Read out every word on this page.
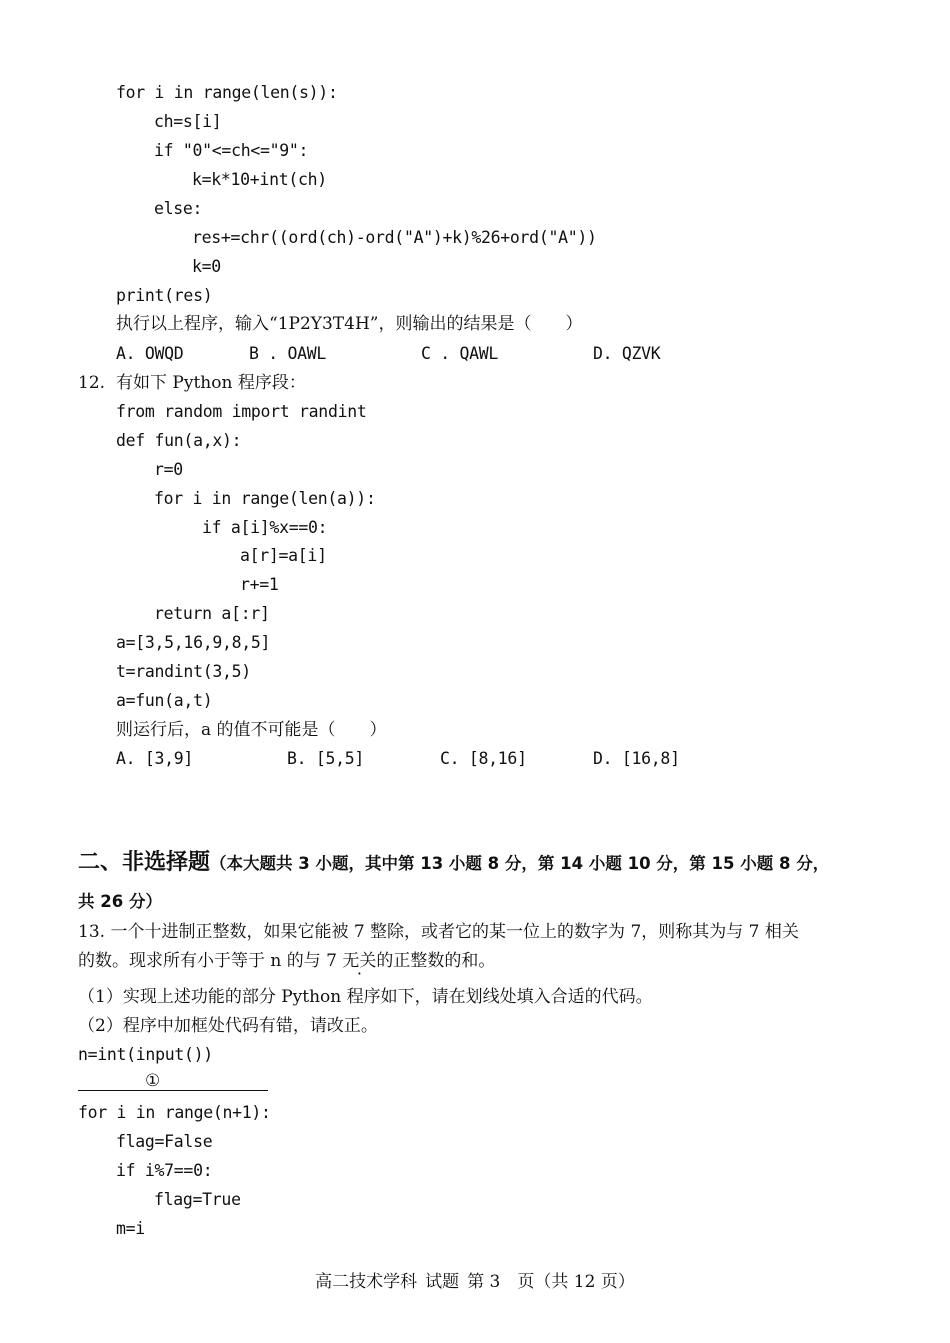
for i in range(len(s)):
ch=s[i]
if "0"<=ch<="9":
k=k*10+int(ch)
else:
res+=chr((ord(ch)-ord("A")+k)%26+ord("A"))
k=0
print(res)
执行以上程序，输入“1P2Y3T4H”，则输出的结果是（　　）
A. OWQD	B . OAWL	C . QAWL	D. QZVK
12. 有如下 Python 程序段：
from random import randint
def fun(a,x):
r=0
for i in range(len(a)):
if a[i]%x==0:
a[r]=a[i]
r+=1
return a[:r]
a=[3,5,16,9,8,5]
t=randint(3,5)
a=fun(a,t)
则运行后，a 的值不可能是（　　）
A. [3,9]	B. [5,5]	C. [8,16]	D. [16,8]
二、非选择题（本大题共 3 小题，其中第 13 小题 8 分，第 14 小题 10 分，第 15 小题 8 分，
共 26 分）
13. 一个十进制正整数，如果它能被 7 整除，或者它的某一位上的数字为 7，则称其为与 7 相关
的数。现求所有小于等于 n 的与 7 无关的正整数的和。
（1）实现上述功能的部分 Python 程序如下，请在划线处填入合适的代码。
（2）程序中加框处代码有错，请改正。
n=int(input())
①
for i in range(n+1):
flag=False
if i%7==0:
flag=True
m=i
高二技术学科 试题 第 3　页（共 12 页）
